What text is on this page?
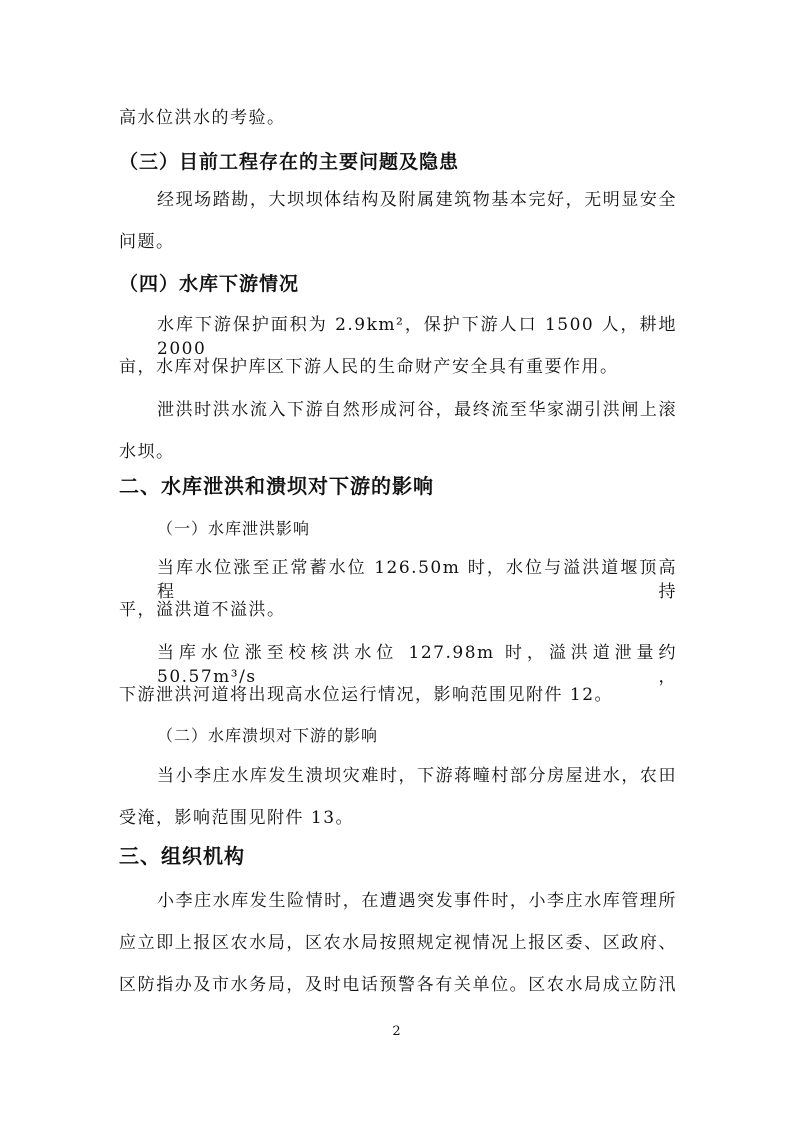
高水位洪水的考验。
（三）目前工程存在的主要问题及隐患
经现场踏勘，大坝坝体结构及附属建筑物基本完好，无明显安全
问题。
（四）水库下游情况
水库下游保护面积为 2.9km²，保护下游人口 1500 人，耕地 2000
亩，水库对保护库区下游人民的生命财产安全具有重要作用。
泄洪时洪水流入下游自然形成河谷，最终流至华家湖引洪闸上滚
水坝。
二、水库泄洪和溃坝对下游的影响
（一）水库泄洪影响
当库水位涨至正常蓄水位 126.50m 时，水位与溢洪道堰顶高程持
平，溢洪道不溢洪。
当库水位涨至校核洪水位 127.98m 时，溢洪道泄量约 50.57m³/s，
下游泄洪河道将出现高水位运行情况，影响范围见附件 12。
（二）水库溃坝对下游的影响
当小李庄水库发生溃坝灾难时，下游蒋疃村部分房屋进水，农田
受淹，影响范围见附件 13。
三、组织机构
小李庄水库发生险情时，在遭遇突发事件时，小李庄水库管理所
应立即上报区农水局，区农水局按照规定视情况上报区委、区政府、
区防指办及市水务局，及时电话预警各有关单位。区农水局成立防汛
2
